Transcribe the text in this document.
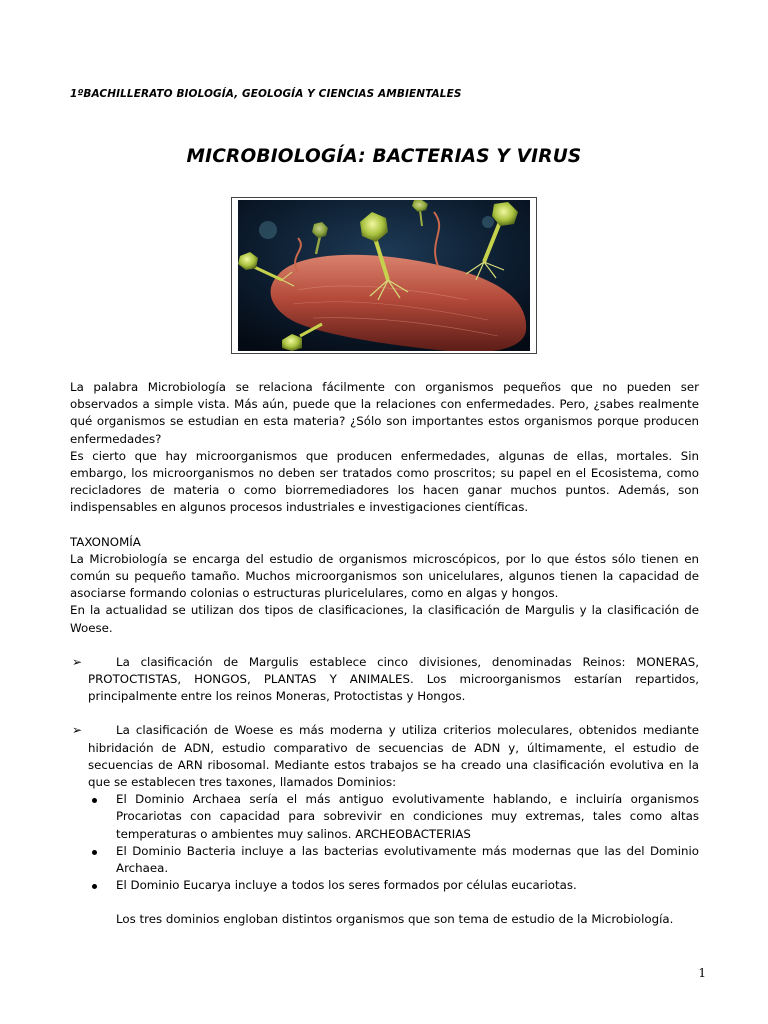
1ºBACHILLERATO BIOLOGÍA, GEOLOGÍA Y CIENCIAS AMBIENTALES
MICROBIOLOGÍA: BACTERIAS Y VIRUS

La palabra Microbiología se relaciona fácilmente con organismos pequeños que no pueden ser observados a simple vista. Más aún, puede que la relaciones con enfermedades. Pero, ¿sabes realmente qué organismos se estudian en esta materia? ¿Sólo son importantes estos organismos porque producen enfermedades?

Es cierto que hay microorganismos que producen enfermedades, algunas de ellas, mortales. Sin embargo, los microorganismos no deben ser tratados como proscritos; su papel en el Ecosistema, como recicladores de materia o como biorremediadores los hacen ganar muchos puntos. Además, son indispensables en algunos procesos industriales e investigaciones científicas.

TAXONOMÍA

La Microbiología se encarga del estudio de organismos microscópicos, por lo que éstos sólo tienen en común su pequeño tamaño. Muchos microorganismos son unicelulares, algunos tienen la capacidad de asociarse formando colonias o estructuras pluricelulares, como en algas y hongos.

En la actualidad se utilizan dos tipos de clasificaciones, la clasificación de Margulis y la clasificación de Woese.

➢	La clasificación de Margulis establece cinco divisiones, denominadas Reinos: MONERAS, PROTOCTISTAS, HONGOS, PLANTAS Y ANIMALES. Los microorganismos estarían repartidos, principalmente entre los reinos Moneras, Protoctistas y Hongos.
➢	La clasificación de Woese es más moderna y utiliza criterios moleculares, obtenidos mediante hibridación de ADN, estudio comparativo de secuencias de ADN y, últimamente, el estudio de secuencias de ARN ribosomal. Mediante estos trabajos se ha creado una clasificación evolutiva en la que se establecen tres taxones, llamados Dominios:
El Dominio Archaea sería el más antiguo evolutivamente hablando, e incluiría organismos Procariotas con capacidad para sobrevivir en condiciones muy extremas, tales como altas temperaturas o ambientes muy salinos. ARCHEOBACTERIAS
El Dominio Bacteria incluye a las bacterias evolutivamente más modernas que las del Dominio Archaea.
El Dominio Eucarya incluye a todos los seres formados por células eucariotas.

Los tres dominios engloban distintos organismos que son tema de estudio de la Microbiología.

1
